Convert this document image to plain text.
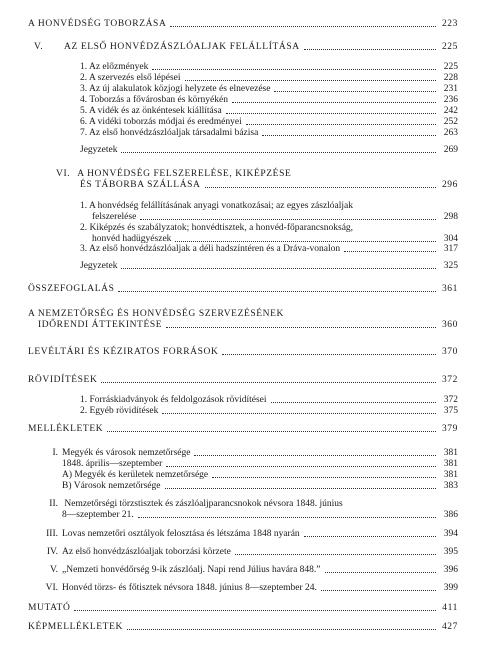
A HONVÉDSÉG TOBORZÁSA	223
V.	AZ ELSŐ HONVÉDZÁSZLÓALJAK FELÁLLÍTÁSA	225
1. Az előzmények	225
2. A szervezés első lépései	228
3. Az új alakulatok közjogi helyzete és elnevezése	231
4. Toborzás a fővárosban és környékén	236
5. A vidék és az önkéntesek kiállítása	242
6. A vidéki toborzás módjai és eredményei	252
7. Az első honvédzászlóaljak társadalmi bázisa	263
Jegyzetek	269
VI. A HONVÉDSÉG FELSZERELÉSE, KIKÉPZÉSE
ÉS TÁBORBA SZÁLLÁSA	296
1. A honvédség felállításának anyagi vonatkozásai; az egyes zászlóaljak
felszerelése	298
2. Kiképzés és szabályzatok; honvédtisztek, a honvéd-főparancsnokság,
honvéd hadügyészek	304
3. Az első honvédzászlóaljak a déli hadszíntéren és a Dráva-vonalon	317
Jegyzetek	325
ÖSSZEFOGLALÁS	361
A NEMZETŐRSÉG ÉS HONVÉDSÉG SZERVEZÉSÉNEK
IDŐRENDI ÁTTEKINTÉSE	360
LEVÉLTÁRI ÉS KÉZIRATOS FORRÁSOK	370
RÖVIDÍTÉSEK	372
1. Forráskiadványok és feldolgozások rövidítései	372
2. Egyéb rövidítések	375
MELLÉKLETEK	379
I. Megyék és városok nemzetőrsége	381
1848. április—szeptember	381
A) Megyék és kerületek nemzetőrsége	381
B) Városok nemzetőrsége	383
II. Nemzetőrségi törzstisztek és zászlóaljparancsnokok névsora 1848. június
8—szeptember 21.	386
III. Lovas nemzetőri osztályok felosztása és létszáma 1848 nyarán	394
IV. Az első honvédzászlóaljak toborzási körzete	395
V. „Nemzeti honvédőrség 9-ik zászlóalj. Napi rend Július havára 848.”	396
VI. Honvéd törzs- és főtisztek névsora 1848. június 8—szeptember 24.	399
MUTATÓ	411
KÉPMELLÉKLETEK	427
